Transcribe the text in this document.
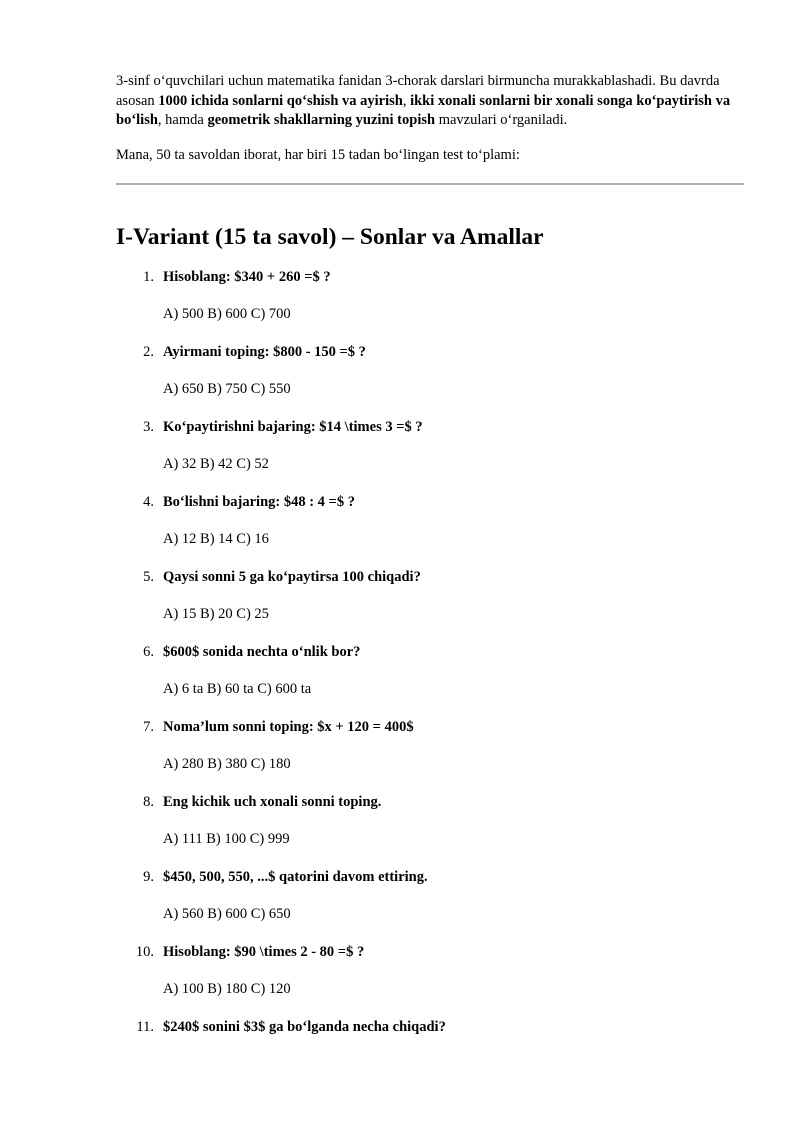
3-sinf o‘quvchilari uchun matematika fanidan 3-chorak darslari birmuncha murakkablashadi. Bu davrda asosan 1000 ichida sonlarni qo‘shish va ayirish, ikki xonali sonlarni bir xonali songa ko‘paytirish va bo‘lish, hamda geometrik shakllarning yuzini topish mavzulari o‘rganiladi.

Mana, 50 ta savoldan iborat, har biri 15 tadan bo‘lingan test to‘plami:

I-Variant (15 ta savol) – Sonlar va Amallar
1. Hisoblang: $340 + 260 =$ ?
A) 500 B) 600 C) 700
2. Ayirmani toping: $800 - 150 =$ ?
A) 650 B) 750 C) 550
3. Ko‘paytirishni bajaring: $14 \times 3 =$ ?
A) 32 B) 42 C) 52
4. Bo‘lishni bajaring: $48 : 4 =$ ?
A) 12 B) 14 C) 16
5. Qaysi sonni 5 ga ko‘paytirsa 100 chiqadi?
A) 15 B) 20 C) 25
6. $600$ sonida nechta o‘nlik bor?
A) 6 ta B) 60 ta C) 600 ta
7. Noma’lum sonni toping: $x + 120 = 400$
A) 280 B) 380 C) 180
8. Eng kichik uch xonali sonni toping.
A) 111 B) 100 C) 999
9. $450, 500, 550, ...$ qatorini davom ettiring.
A) 560 B) 600 C) 650
10. Hisoblang: $90 \times 2 - 80 =$ ?
A) 100 B) 180 C) 120
11. $240$ sonini $3$ ga bo‘lganda necha chiqadi?
